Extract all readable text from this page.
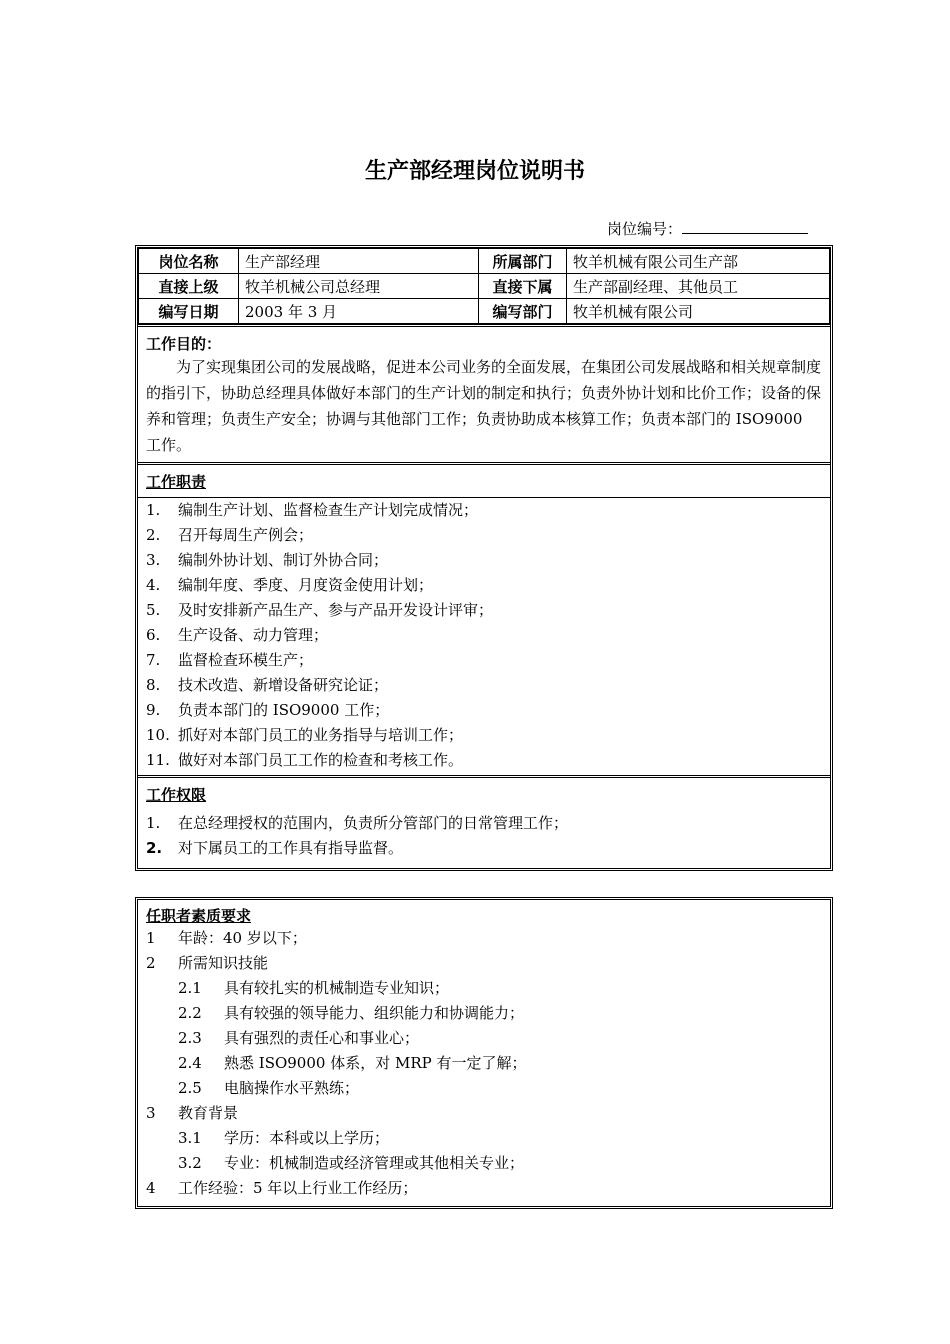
生产部经理岗位说明书
岗位编号：
岗位名称	生产部经理	所属部门	牧羊机械有限公司生产部
直接上级	牧羊机械公司总经理	直接下属	生产部副经理、其他员工
编写日期	2003 年 3 月	编写部门	牧羊机械有限公司
工作目的：
为了实现集团公司的发展战略，促进本公司业务的全面发展，在集团公司发展战略和相关规章制度的指引下，协助总经理具体做好本部门的生产计划的制定和执行；负责外协计划和比价工作；设备的保养和管理；负责生产安全；协调与其他部门工作；负责协助成本核算工作；负责本部门的 ISO9000 工作。
工作职责
1.	编制生产计划、监督检查生产计划完成情况；
2.	召开每周生产例会；
3.	编制外协计划、制订外协合同；
4.	编制年度、季度、月度资金使用计划；
5.	及时安排新产品生产、参与产品开发设计评审；
6.	生产设备、动力管理；
7.	监督检查环模生产；
8.	技术改造、新增设备研究论证；
9.	负责本部门的 ISO9000 工作；
10. 抓好对本部门员工的业务指导与培训工作；
11. 做好对本部门员工工作的检查和考核工作。
工作权限
1.	在总经理授权的范围内，负责所分管部门的日常管理工作；
2.	对下属员工的工作具有指导监督。
任职者素质要求
1	年龄：40 岁以下；
2	所需知识技能
2.1	具有较扎实的机械制造专业知识；
2.2	具有较强的领导能力、组织能力和协调能力；
2.3	具有强烈的责任心和事业心；
2.4	熟悉 ISO9000 体系，对 MRP 有一定了解；
2.5	电脑操作水平熟练；
3	教育背景
3.1	学历：本科或以上学历；
3.2	专业：机械制造或经济管理或其他相关专业；
4	工作经验：5 年以上行业工作经历；
